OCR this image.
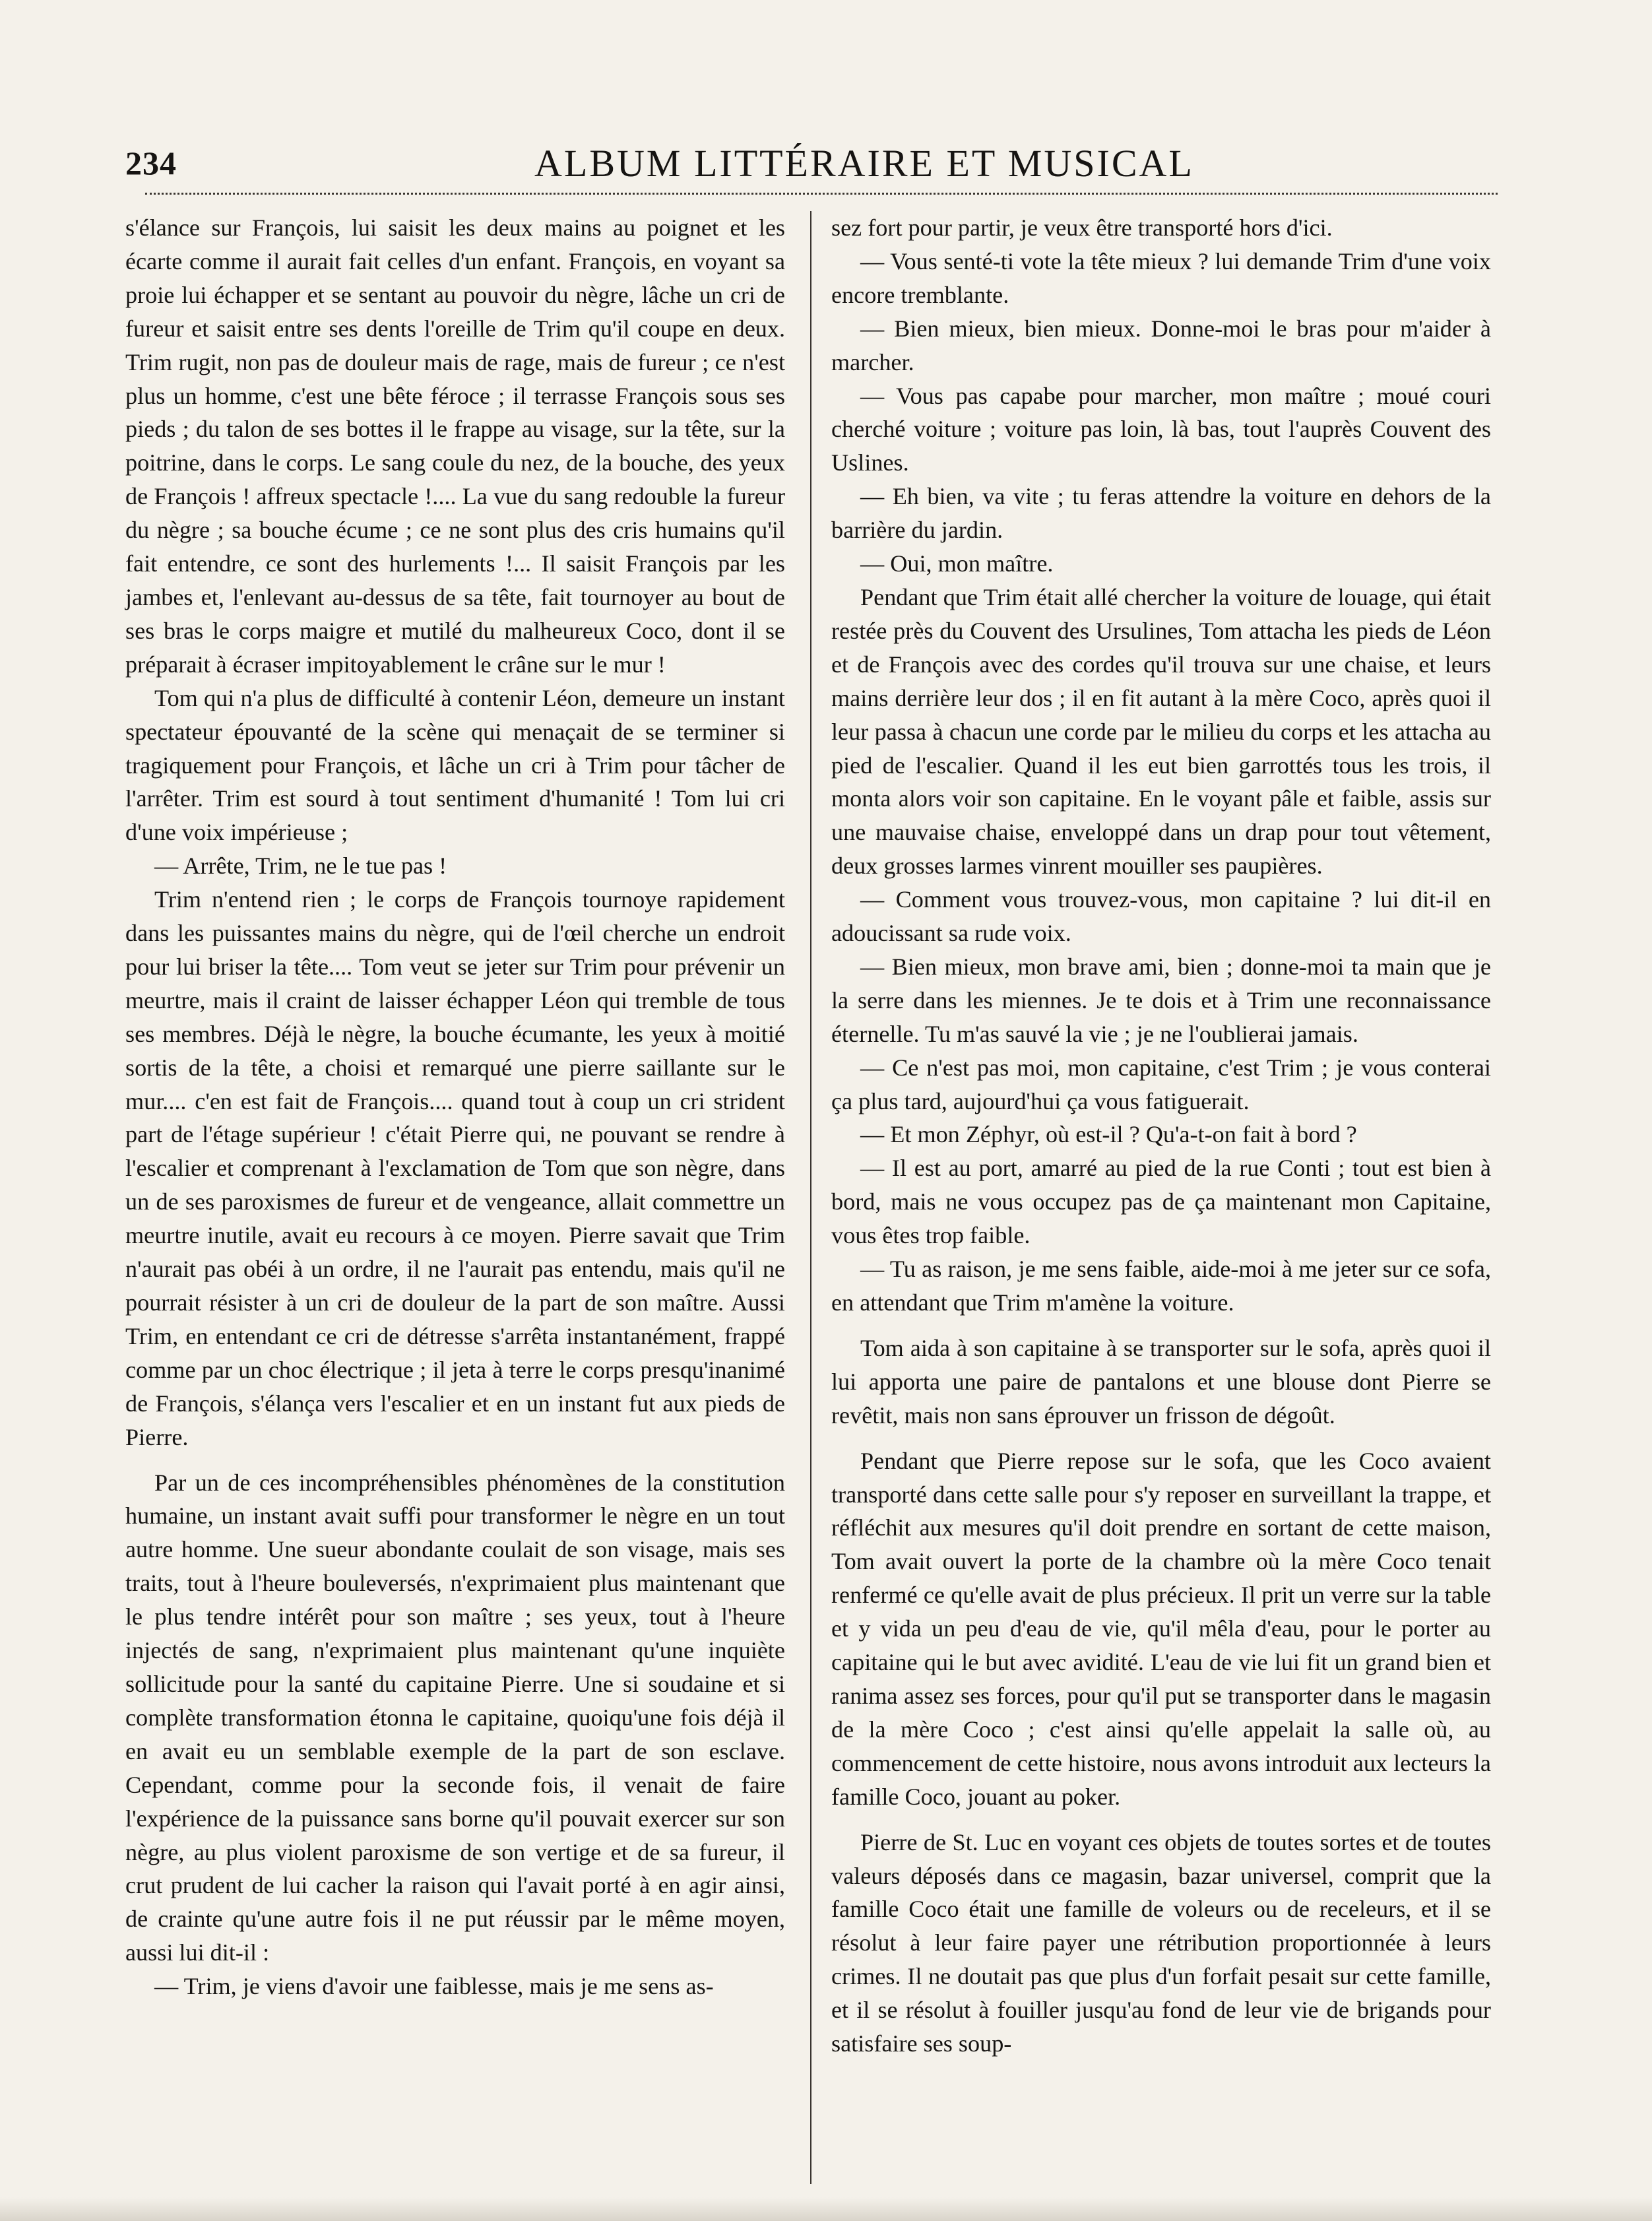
234	ALBUM LITTÉRAIRE ET MUSICAL

s'élance sur François, lui saisit les deux mains au poignet et les écarte comme il aurait fait celles d'un enfant. François, en voyant sa proie lui échapper et se sentant au pouvoir du nègre, lâche un cri de fureur et saisit entre ses dents l'oreille de Trim qu'il coupe en deux. Trim rugit, non pas de douleur mais de rage, mais de fureur ; ce n'est plus un homme, c'est une bête féroce ; il terrasse François sous ses pieds ; du talon de ses bottes il le frappe au visage, sur la tête, sur la poitrine, dans le corps. Le sang coule du nez, de la bouche, des yeux de François ! affreux spectacle !.... La vue du sang redouble la fureur du nègre ; sa bouche écume ; ce ne sont plus des cris humains qu'il fait entendre, ce sont des hurlements !... Il saisit François par les jambes et, l'enlevant au-dessus de sa tête, fait tournoyer au bout de ses bras le corps maigre et mutilé du malheureux Coco, dont il se préparait à écraser impitoyablement le crâne sur le mur !

Tom qui n'a plus de difficulté à contenir Léon, demeure un instant spectateur épouvanté de la scène qui menaçait de se terminer si tragiquement pour François, et lâche un cri à Trim pour tâcher de l'arrêter. Trim est sourd à tout sentiment d'humanité ! Tom lui cri d'une voix impérieuse ;

— Arrête, Trim, ne le tue pas !

Trim n'entend rien ; le corps de François tournoye rapidement dans les puissantes mains du nègre, qui de l'œil cherche un endroit pour lui briser la tête.... Tom veut se jeter sur Trim pour prévenir un meurtre, mais il craint de laisser échapper Léon qui tremble de tous ses membres. Déjà le nègre, la bouche écumante, les yeux à moitié sortis de la tête, a choisi et remarqué une pierre saillante sur le mur.... c'en est fait de François.... quand tout à coup un cri strident part de l'étage supérieur ! c'était Pierre qui, ne pouvant se rendre à l'escalier et comprenant à l'exclamation de Tom que son nègre, dans un de ses paroxismes de fureur et de vengeance, allait commettre un meurtre inutile, avait eu recours à ce moyen. Pierre savait que Trim n'aurait pas obéi à un ordre, il ne l'aurait pas entendu, mais qu'il ne pourrait résister à un cri de douleur de la part de son maître. Aussi Trim, en entendant ce cri de détresse s'arrêta instantanément, frappé comme par un choc électrique ; il jeta à terre le corps presqu'inanimé de François, s'élança vers l'escalier et en un instant fut aux pieds de Pierre.

Par un de ces incompréhensibles phénomènes de la constitution humaine, un instant avait suffi pour transformer le nègre en un tout autre homme. Une sueur abondante coulait de son visage, mais ses traits, tout à l'heure bouleversés, n'exprimaient plus maintenant que le plus tendre intérêt pour son maître ; ses yeux, tout à l'heure injectés de sang, n'exprimaient plus maintenant qu'une inquiète sollicitude pour la santé du capitaine Pierre. Une si soudaine et si complète transformation étonna le capitaine, quoiqu'une fois déjà il en avait eu un semblable exemple de la part de son esclave. Cependant, comme pour la seconde fois, il venait de faire l'expérience de la puissance sans borne qu'il pouvait exercer sur son nègre, au plus violent paroxisme de son vertige et de sa fureur, il crut prudent de lui cacher la raison qui l'avait porté à en agir ainsi, de crainte qu'une autre fois il ne put réussir par le même moyen, aussi lui dit-il :

— Trim, je viens d'avoir une faiblesse, mais je me sens as-

sez fort pour partir, je veux être transporté hors d'ici.

— Vous senté-ti vote la tête mieux ? lui demande Trim d'une voix encore tremblante.

— Bien mieux, bien mieux. Donne-moi le bras pour m'aider à marcher.

— Vous pas capabe pour marcher, mon maître ; moué couri cherché voiture ; voiture pas loin, là bas, tout l'auprès Couvent des Uslines.

— Eh bien, va vite ; tu feras attendre la voiture en dehors de la barrière du jardin.

— Oui, mon maître.

Pendant que Trim était allé chercher la voiture de louage, qui était restée près du Couvent des Ursulines, Tom attacha les pieds de Léon et de François avec des cordes qu'il trouva sur une chaise, et leurs mains derrière leur dos ; il en fit autant à la mère Coco, après quoi il leur passa à chacun une corde par le milieu du corps et les attacha au pied de l'escalier. Quand il les eut bien garrottés tous les trois, il monta alors voir son capitaine. En le voyant pâle et faible, assis sur une mauvaise chaise, enveloppé dans un drap pour tout vêtement, deux grosses larmes vinrent mouiller ses paupières.

— Comment vous trouvez-vous, mon capitaine ? lui dit-il en adoucissant sa rude voix.

— Bien mieux, mon brave ami, bien ; donne-moi ta main que je la serre dans les miennes. Je te dois et à Trim une reconnaissance éternelle. Tu m'as sauvé la vie ; je ne l'oublierai jamais.

— Ce n'est pas moi, mon capitaine, c'est Trim ; je vous conterai ça plus tard, aujourd'hui ça vous fatiguerait.

— Et mon Zéphyr, où est-il ? Qu'a-t-on fait à bord ?

— Il est au port, amarré au pied de la rue Conti ; tout est bien à bord, mais ne vous occupez pas de ça maintenant mon Capitaine, vous êtes trop faible.

— Tu as raison, je me sens faible, aide-moi à me jeter sur ce sofa, en attendant que Trim m'amène la voiture.

Tom aida à son capitaine à se transporter sur le sofa, après quoi il lui apporta une paire de pantalons et une blouse dont Pierre se revêtit, mais non sans éprouver un frisson de dégoût.

Pendant que Pierre repose sur le sofa, que les Coco avaient transporté dans cette salle pour s'y reposer en surveillant la trappe, et réfléchit aux mesures qu'il doit prendre en sortant de cette maison, Tom avait ouvert la porte de la chambre où la mère Coco tenait renfermé ce qu'elle avait de plus précieux. Il prit un verre sur la table et y vida un peu d'eau de vie, qu'il mêla d'eau, pour le porter au capitaine qui le but avec avidité. L'eau de vie lui fit un grand bien et ranima assez ses forces, pour qu'il put se transporter dans le magasin de la mère Coco ; c'est ainsi qu'elle appelait la salle où, au commencement de cette histoire, nous avons introduit aux lecteurs la famille Coco, jouant au poker.

Pierre de St. Luc en voyant ces objets de toutes sortes et de toutes valeurs déposés dans ce magasin, bazar universel, comprit que la famille Coco était une famille de voleurs ou de receleurs, et il se résolut à leur faire payer une rétribution proportionnée à leurs crimes. Il ne doutait pas que plus d'un forfait pesait sur cette famille, et il se résolut à fouiller jusqu'au fond de leur vie de brigands pour satisfaire ses soup-
